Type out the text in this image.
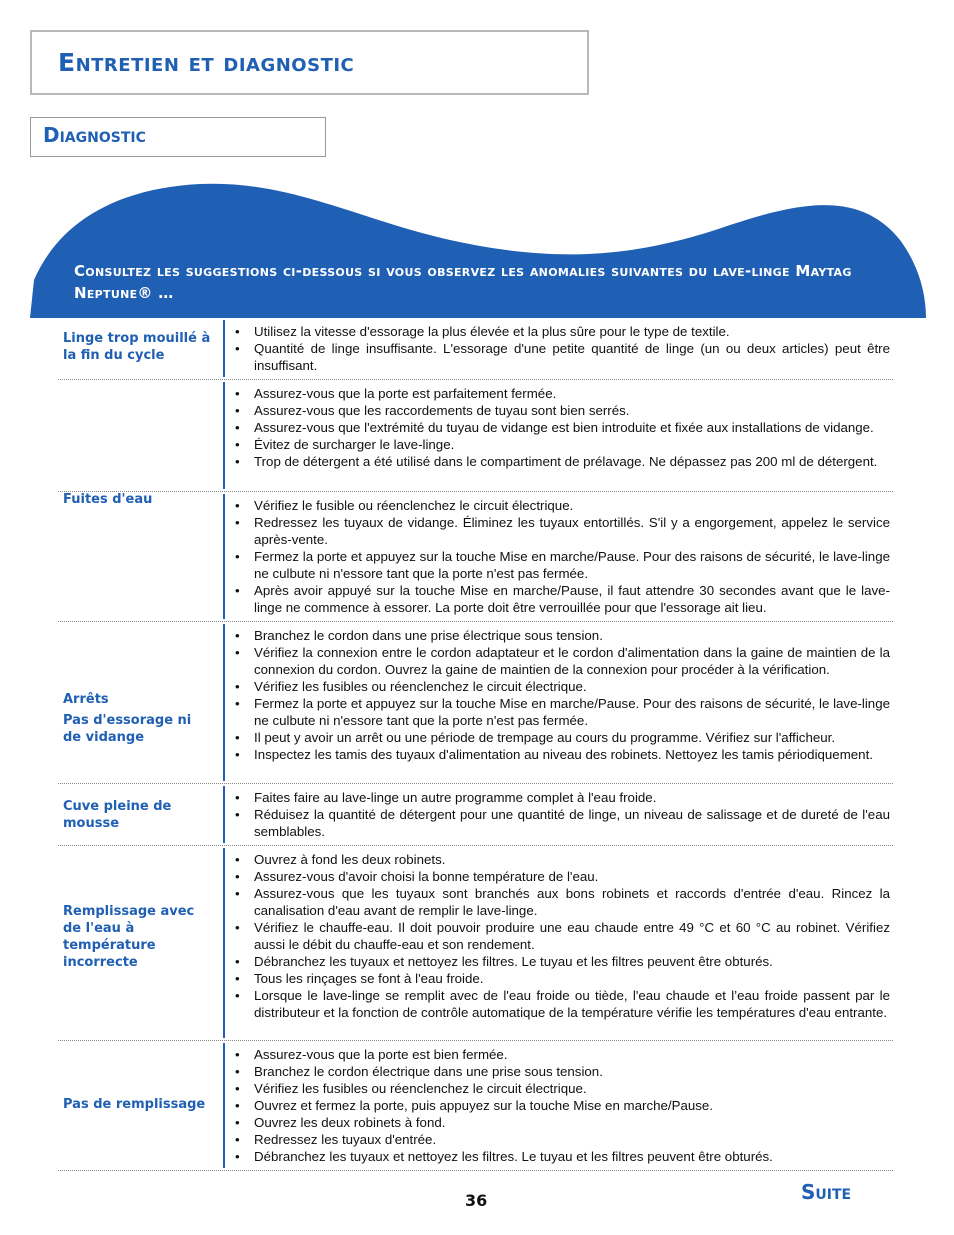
Entretien et diagnostic
Diagnostic
Consultez les suggestions ci-dessous si vous observez les anomalies suivantes du lave-linge Maytag Neptune® …
Linge trop mouillé à la fin du cycle
• Utilisez la vitesse d'essorage la plus élevée et la plus sûre pour le type de textile.
• Quantité de linge insuffisante. L'essorage d'une petite quantité de linge (un ou deux articles) peut être insuffisant.
Fuites d'eau
• Assurez-vous que la porte est parfaitement fermée.
• Assurez-vous que les raccordements de tuyau sont bien serrés.
• Assurez-vous que l'extrémité du tuyau de vidange est bien introduite et fixée aux installations de vidange.
• Évitez de surcharger le lave-linge.
• Trop de détergent a été utilisé dans le compartiment de prélavage. Ne dépassez pas 200 ml de détergent.
Pas d'essorage ni de vidange
• Vérifiez le fusible ou réenclenchez le circuit électrique.
• Redressez les tuyaux de vidange. Éliminez les tuyaux entortillés. S'il y a engorgement, appelez le service après-vente.
• Fermez la porte et appuyez sur la touche Mise en marche/Pause. Pour des raisons de sécurité, le lave-linge ne culbute ni n'essore tant que la porte n'est pas fermée.
• Après avoir appuyé sur la touche Mise en marche/Pause, il faut attendre 30 secondes avant que le lave-linge ne commence à essorer. La porte doit être verrouillée pour que l'essorage ait lieu.
Arrêts
• Branchez le cordon dans une prise électrique sous tension.
• Vérifiez la connexion entre le cordon adaptateur et le cordon d'alimentation dans la gaine de maintien de la connexion du cordon. Ouvrez la gaine de maintien de la connexion pour procéder à la vérification.
• Vérifiez les fusibles ou réenclenchez le circuit électrique.
• Fermez la porte et appuyez sur la touche Mise en marche/Pause. Pour des raisons de sécurité, le lave-linge ne culbute ni n'essore tant que la porte n'est pas fermée.
• Il peut y avoir un arrêt ou une période de trempage au cours du programme. Vérifiez sur l'afficheur.
• Inspectez les tamis des tuyaux d'alimentation au niveau des robinets. Nettoyez les tamis périodiquement.
Cuve pleine de mousse
• Faites faire au lave-linge un autre programme complet à l'eau froide.
• Réduisez la quantité de détergent pour une quantité de linge, un niveau de salissage et de dureté de l'eau semblables.
Remplissage avec de l'eau à température incorrecte
• Ouvrez à fond les deux robinets.
• Assurez-vous d'avoir choisi la bonne température de l'eau.
• Assurez-vous que les tuyaux sont branchés aux bons robinets et raccords d'entrée d'eau. Rincez la canalisation d'eau avant de remplir le lave-linge.
• Vérifiez le chauffe-eau. Il doit pouvoir produire une eau chaude entre 49 °C et 60 °C au robinet. Vérifiez aussi le débit du chauffe-eau et son rendement.
• Débranchez les tuyaux et nettoyez les filtres. Le tuyau et les filtres peuvent être obturés.
• Tous les rinçages se font à l'eau froide.
• Lorsque le lave-linge se remplit avec de l'eau froide ou tiède, l'eau chaude et l’eau froide passent par le distributeur et la fonction de contrôle automatique de la température vérifie les températures d'eau entrante.
Pas de remplissage
• Assurez-vous que la porte est bien fermée.
• Branchez le cordon électrique dans une prise sous tension.
• Vérifiez les fusibles ou réenclenchez le circuit électrique.
• Ouvrez et fermez la porte, puis appuyez sur la touche Mise en marche/Pause.
• Ouvrez les deux robinets à fond.
• Redressez les tuyaux d'entrée.
• Débranchez les tuyaux et nettoyez les filtres. Le tuyau et les filtres peuvent être obturés.
36	Suite
